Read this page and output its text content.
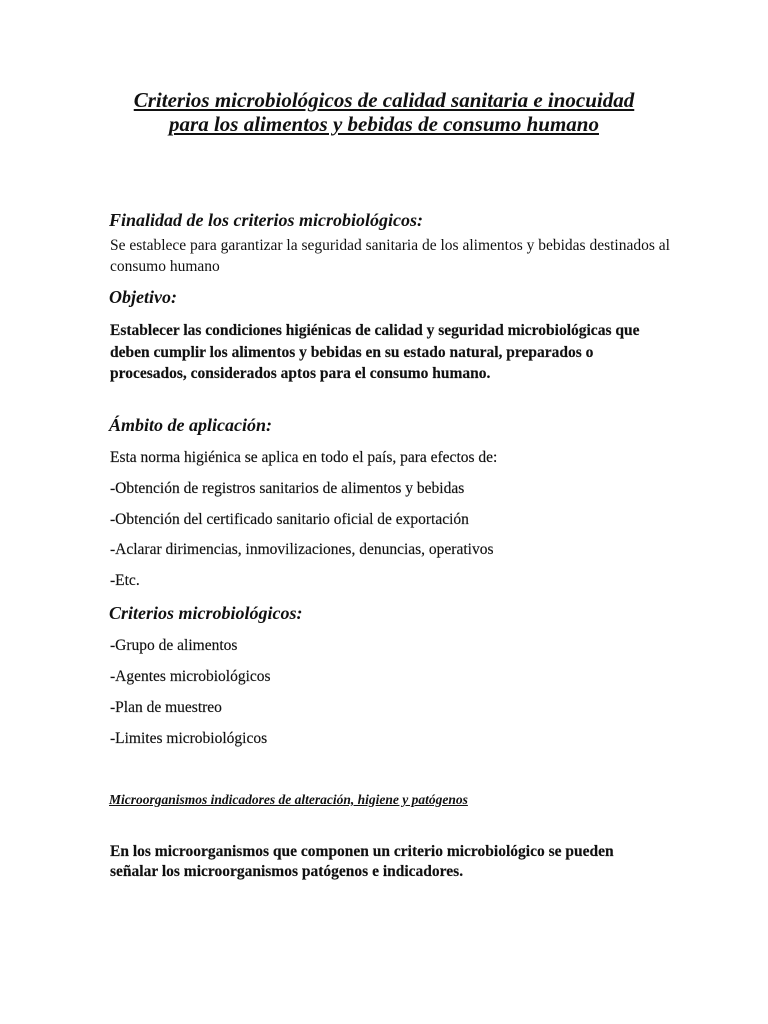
Criterios microbiológicos de calidad sanitaria e inocuidad para los alimentos y bebidas de consumo humano
Finalidad de los criterios microbiológicos:
Se establece para garantizar la seguridad sanitaria de los alimentos y bebidas destinados al consumo humano
Objetivo:
Establecer las condiciones higiénicas de calidad y seguridad microbiológicas que deben cumplir los alimentos y bebidas en su estado natural, preparados o procesados, considerados aptos para el consumo humano.
Ámbito de aplicación:
Esta norma higiénica se aplica en todo el país, para efectos de:
-Obtención de registros sanitarios de alimentos y bebidas
-Obtención del certificado sanitario oficial de exportación
-Aclarar dirimencias, inmovilizaciones, denuncias, operativos
-Etc.
Criterios microbiológicos:
-Grupo de alimentos
-Agentes microbiológicos
-Plan de muestreo
-Limites microbiológicos
Microorganismos indicadores de alteración, higiene y patógenos
En los microorganismos que componen un criterio microbiológico se pueden señalar los microorganismos patógenos e indicadores.
